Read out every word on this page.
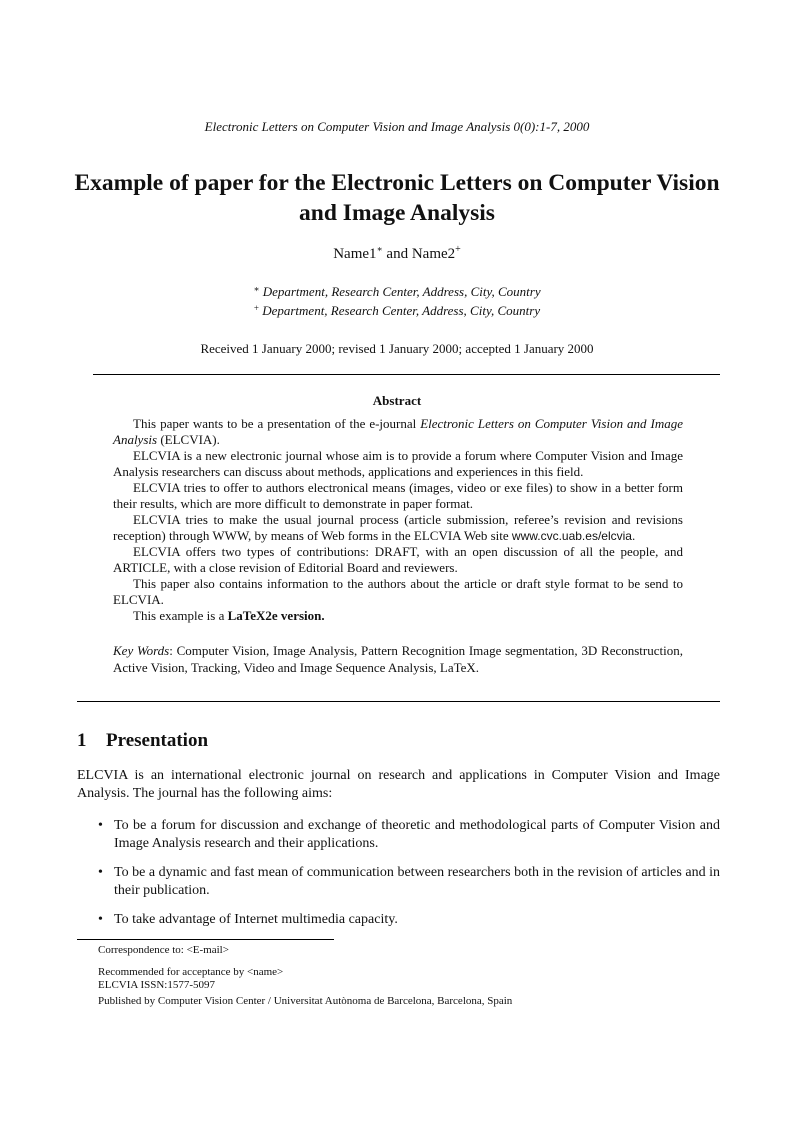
Electronic Letters on Computer Vision and Image Analysis 0(0):1-7, 2000
Example of paper for the Electronic Letters on Computer Vision
and Image Analysis
Name1∗ and Name2+
∗ Department, Research Center, Address, City, Country
+ Department, Research Center, Address, City, Country
Received 1 January 2000; revised 1 January 2000; accepted 1 January 2000
Abstract

This paper wants to be a presentation of the e-journal Electronic Letters on Computer Vision and Image Analysis (ELCVIA).

ELCVIA is a new electronic journal whose aim is to provide a forum where Computer Vision and Image Analysis researchers can discuss about methods, applications and experiences in this field.

ELCVIA tries to offer to authors electronical means (images, video or exe files) to show in a better form their results, which are more difficult to demonstrate in paper format.

ELCVIA tries to make the usual journal process (article submission, referee’s revision and revisions reception) through WWW, by means of Web forms in the ELCVIA Web site www.cvc.uab.es/elcvia.

ELCVIA offers two types of contributions: DRAFT, with an open discussion of all the people, and ARTICLE, with a close revision of Editorial Board and reviewers.

This paper also contains information to the authors about the article or draft style format to be send to ELCVIA.

This example is a LaTeX2e version.

Key Words: Computer Vision, Image Analysis, Pattern Recognition Image segmentation, 3D Reconstruction, Active Vision, Tracking, Video and Image Sequence Analysis, LaTeX.
1 Presentation
ELCVIA is an international electronic journal on research and applications in Computer Vision and Image Analysis. The journal has the following aims:
• To be a forum for discussion and exchange of theoretic and methodological parts of Computer Vision and Image Analysis research and their applications.
• To be a dynamic and fast mean of communication between researchers both in the revision of articles and in their publication.
• To take advantage of Internet multimedia capacity.
Correspondence to: <E-mail>
Recommended for acceptance by <name>
ELCVIA ISSN:1577-5097
Published by Computer Vision Center / Universitat Autònoma de Barcelona, Barcelona, Spain
